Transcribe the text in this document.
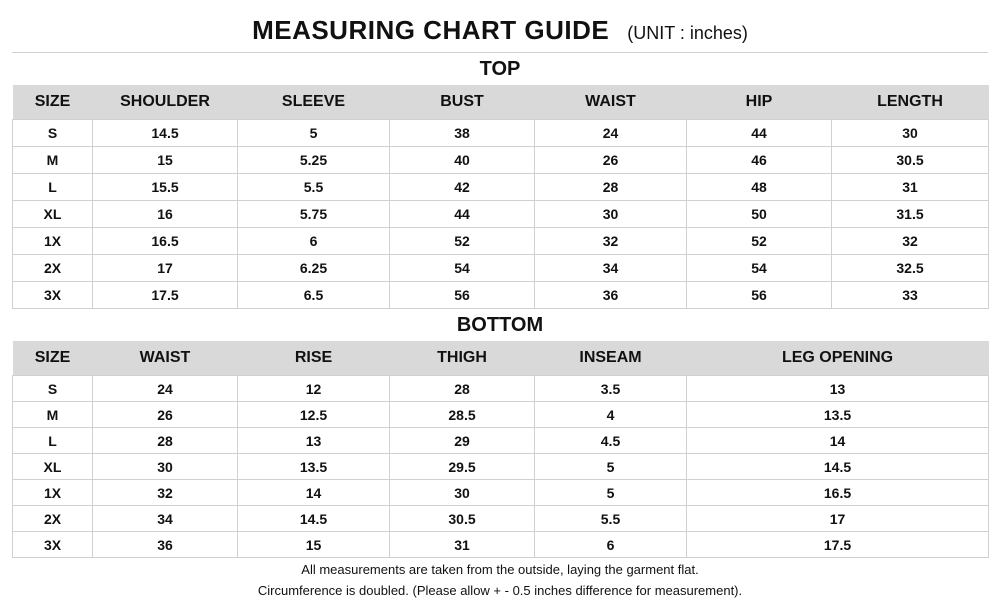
MEASURING CHART GUIDE (UNIT : inches)
TOP
SIZE	SHOULDER	SLEEVE	BUST	WAIST	HIP	LENGTH
S	14.5	5	38	24	44	30
M	15	5.25	40	26	46	30.5
L	15.5	5.5	42	28	48	31
XL	16	5.75	44	30	50	31.5
1X	16.5	6	52	32	52	32
2X	17	6.25	54	34	54	32.5
3X	17.5	6.5	56	36	56	33
BOTTOM
SIZE	WAIST	RISE	THIGH	INSEAM	LEG OPENING
S	24	12	28	3.5	13
M	26	12.5	28.5	4	13.5
L	28	13	29	4.5	14
XL	30	13.5	29.5	5	14.5
1X	32	14	30	5	16.5
2X	34	14.5	30.5	5.5	17
3X	36	15	31	6	17.5
All measurements are taken from the outside, laying the garment flat.
Circumference is doubled. (Please allow + - 0.5 inches difference for measurement).
